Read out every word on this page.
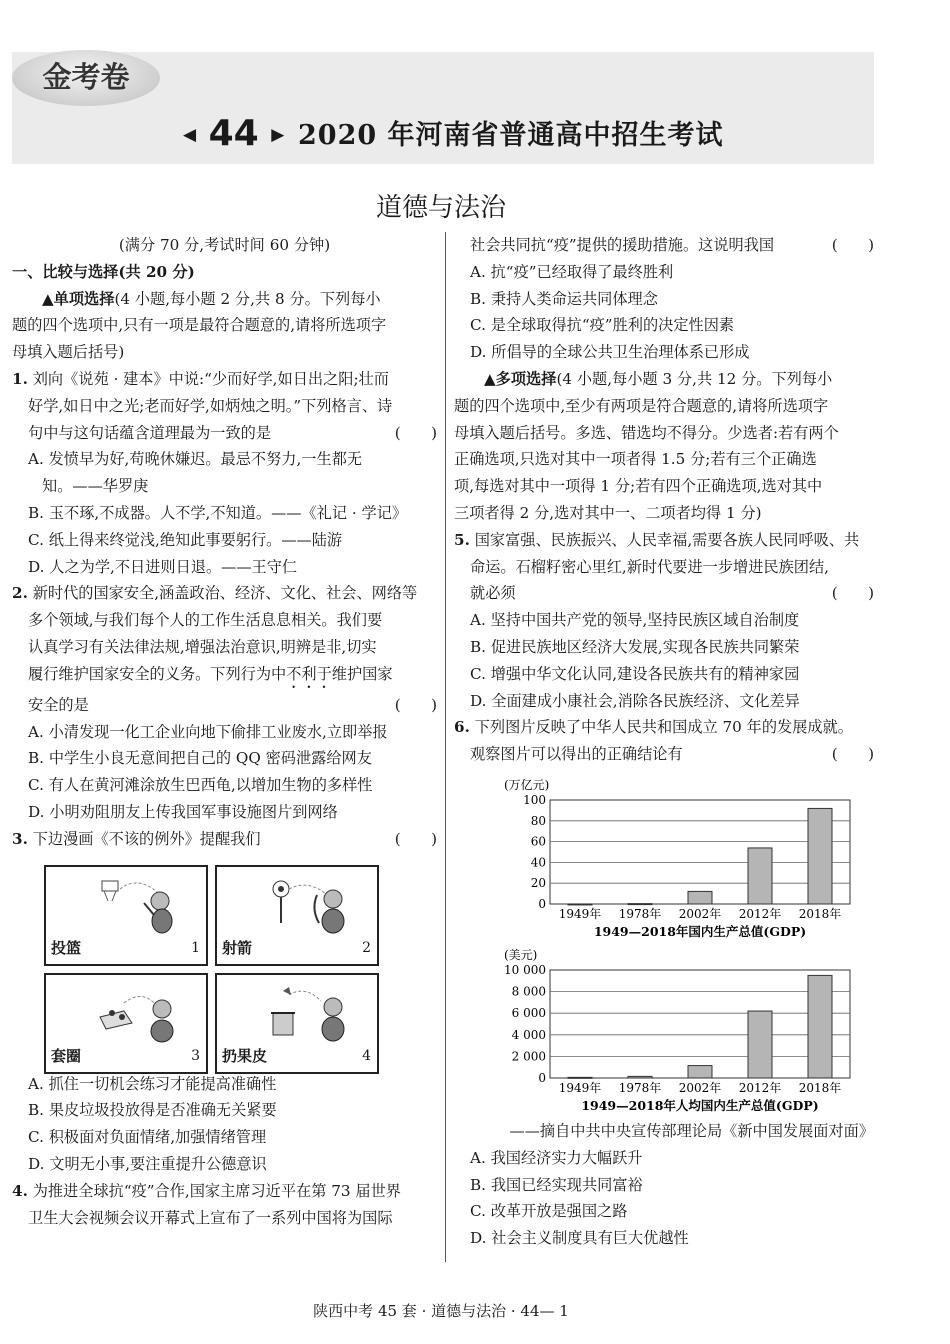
金考卷
◀ 44 ▶ 2020 年河南省普通高中招生考试
道德与法治
(满分 70 分,考试时间 60 分钟)
一、比较与选择(共 20 分)
▲单项选择(4 小题,每小题 2 分,共 8 分。下列每小
题的四个选项中,只有一项是最符合题意的,请将所选项字
母填入题后括号)
1. 刘向《说苑 · 建本》中说:“少而好学,如日出之阳;壮而
好学,如日中之光;老而好学,如炳烛之明。”下列格言、诗
句中与这句话蕴含道理最为一致的是	(　　)
A. 发愤早为好,苟晚休嫌迟。最忌不努力,一生都无
知。——华罗庚
B. 玉不琢,不成器。人不学,不知道。——《礼记 · 学记》
C. 纸上得来终觉浅,绝知此事要躬行。——陆游
D. 人之为学,不日进则日退。——王守仁
2. 新时代的国家安全,涵盖政治、经济、文化、社会、网络等
多个领域,与我们每个人的工作生活息息相关。我们要
认真学习有关法律法规,增强法治意识,明辨是非,切实
履行维护国家安全的义务。下列行为中不利于维护国家
安全的是	(　　)
A. 小清发现一化工企业向地下偷排工业废水,立即举报
B. 中学生小良无意间把自己的 QQ 密码泄露给网友
C. 有人在黄河滩涂放生巴西龟,以增加生物的多样性
D. 小明劝阻朋友上传我国军事设施图片到网络
3. 下边漫画《不该的例外》提醒我们	(　　)
投篮	1 射箭	2
套圈	3 扔果皮	4
A. 抓住一切机会练习才能提高准确性
B. 果皮垃圾投放得是否准确无关紧要
C. 积极面对负面情绪,加强情绪管理
D. 文明无小事,要注重提升公德意识
4. 为推进全球抗“疫”合作,国家主席习近平在第 73 届世界
卫生大会视频会议开幕式上宣布了一系列中国将为国际
社会共同抗“疫”提供的援助措施。这说明我国	(　　)
A. 抗“疫”已经取得了最终胜利
B. 秉持人类命运共同体理念
C. 是全球取得抗“疫”胜利的决定性因素
D. 所倡导的全球公共卫生治理体系已形成
▲多项选择(4 小题,每小题 3 分,共 12 分。下列每小
题的四个选项中,至少有两项是符合题意的,请将所选项字
母填入题后括号。多选、错选均不得分。少选者:若有两个
正确选项,只选对其中一项者得 1.5 分;若有三个正确选
项,每选对其中一项得 1 分;若有四个正确选项,选对其中
三项者得 2 分,选对其中一、二项者均得 1 分)
5. 国家富强、民族振兴、人民幸福,需要各族人民同呼吸、共
命运。石榴籽密心里红,新时代要进一步增进民族团结,
就必须	(　　)
A. 坚持中国共产党的领导,坚持民族区域自治制度
B. 促进民族地区经济大发展,实现各民族共同繁荣
C. 增强中华文化认同,建设各民族共有的精神家园
D. 全面建成小康社会,消除各民族经济、文化差异
6. 下列图片反映了中华人民共和国成立 70 年的发展成就。
观察图片可以得出的正确结论有	(　　)
(万亿元)
0
20
40
60
80
100
1949年 1978年 2002年 2012年 2018年
1949—2018年国内生产总值(GDP)
(美元)
0
2 000
4 000
6 000
8 000
10 000
1949年 1978年 2002年 2012年 2018年
1949—2018年人均国内生产总值(GDP)
——摘自中共中央宣传部理论局《新中国发展面对面》
A. 我国经济实力大幅跃升
B. 我国已经实现共同富裕
C. 改革开放是强国之路
D. 社会主义制度具有巨大优越性
陕西中考 45 套 · 道德与法治 · 44— 1
